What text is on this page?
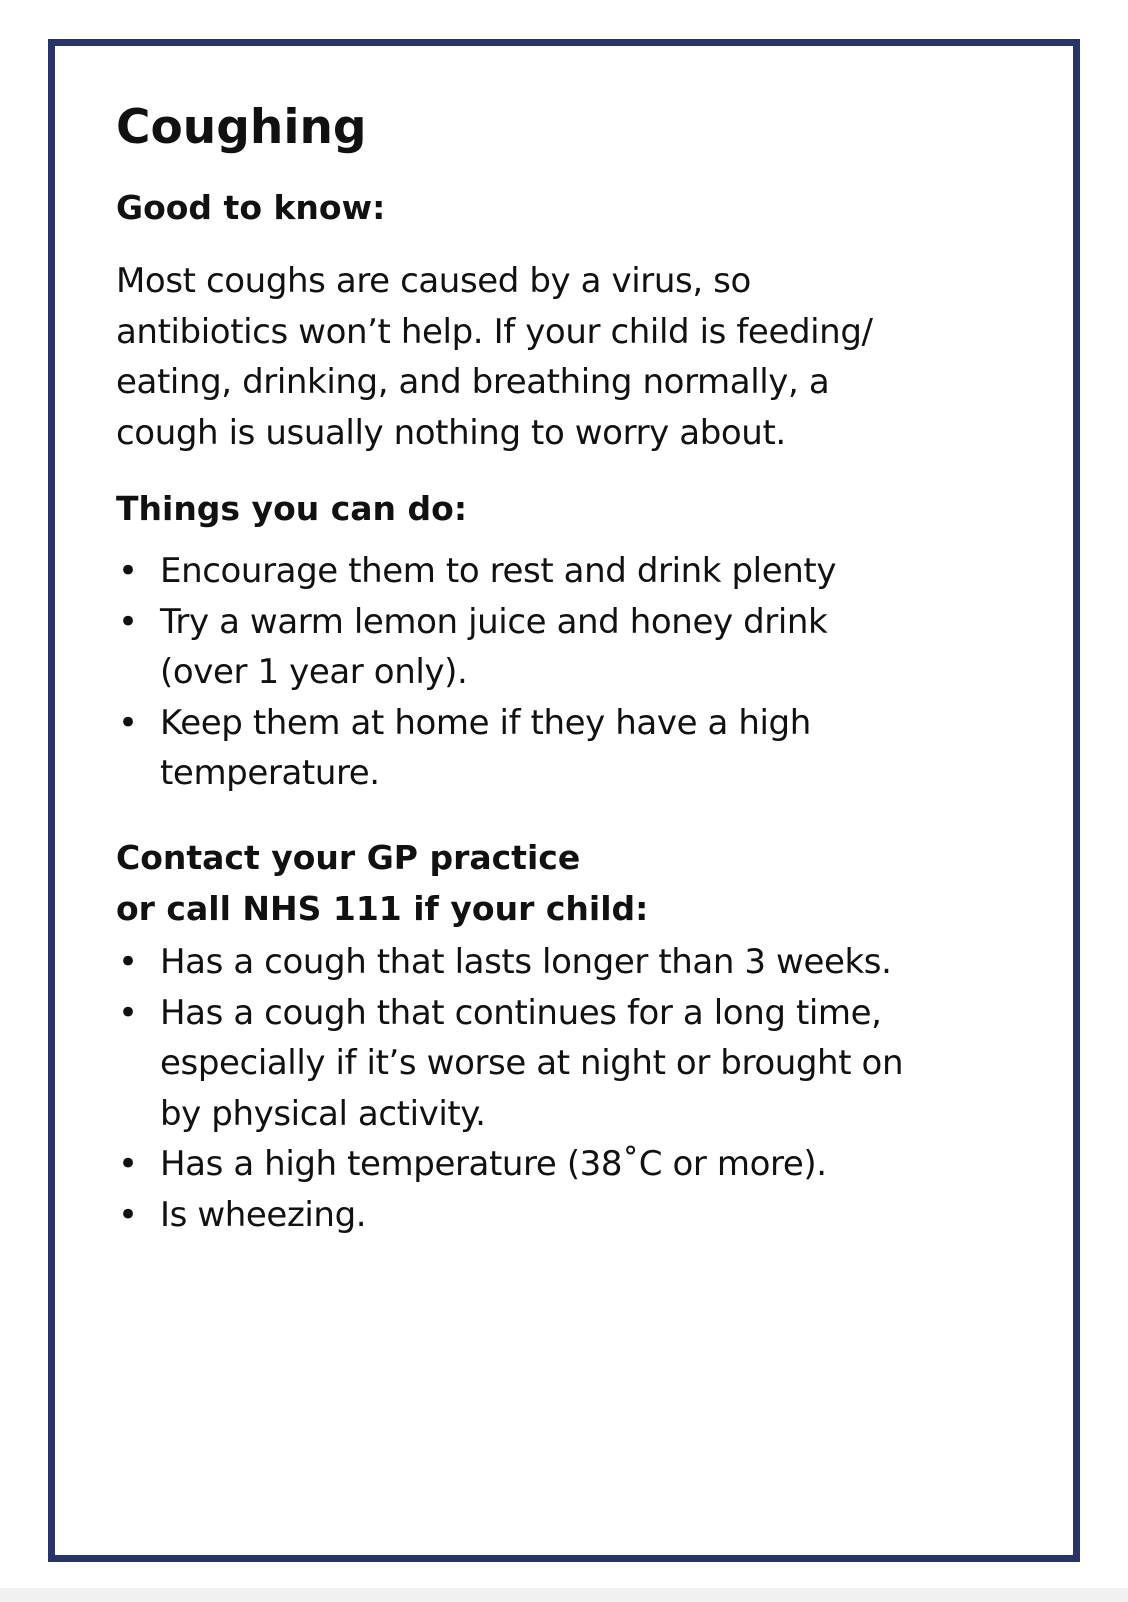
Coughing
Good to know:

Most coughs are caused by a virus, so
antibiotics won’t help. If your child is feeding/
eating, drinking, and breathing normally, a
cough is usually nothing to worry about.

Things you can do:
• Encourage them to rest and drink plenty
• Try a warm lemon juice and honey drink
(over 1 year only).
• Keep them at home if they have a high
temperature.
Contact your GP practice
or call NHS 111 if your child:
• Has a cough that lasts longer than 3 weeks.
• Has a cough that continues for a long time,
especially if it’s worse at night or brought on
by physical activity.
• Has a high temperature (38˚C or more).
• Is wheezing.
